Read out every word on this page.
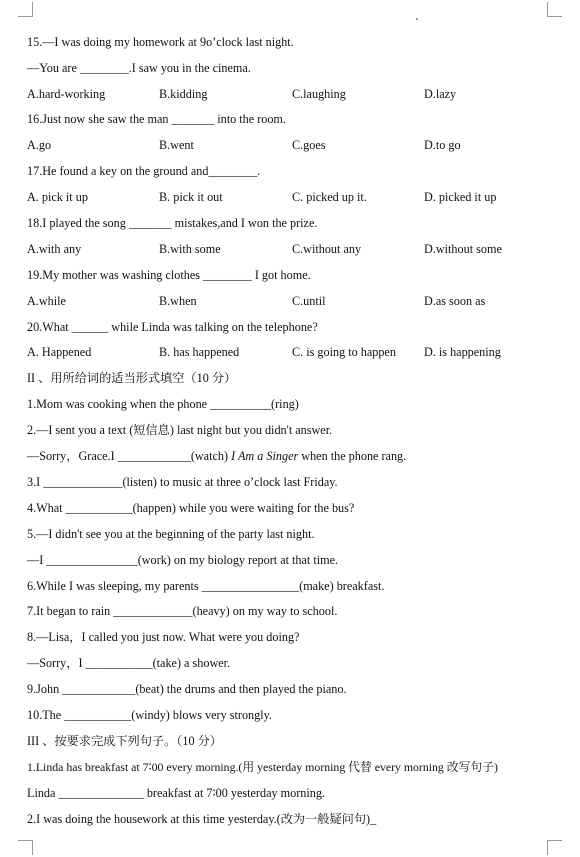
15.—I was doing my homework at 9o’clock last night.
—You are ________.I saw you in the cinema.
A.hard-working	B.kidding	C.laughing	D.lazy
16.Just now she saw the man _______ into the room.
A.go	B.went	C.goes	D.to go
17.He found a key on the ground and________.
A. pick it up	B. pick it out	C. picked up it.	D. picked it up
18.I played the song _______ mistakes,and I won the prize.
A.with any	B.with some	C.without any	D.without some
19.My mother was washing clothes ________ I got home.
A.while	B.when	C.until	D.as soon as
20.What ______ while Linda was talking on the telephone?
A. Happened	B. has happened	C. is going to happen D. is happening
II 、用所给词的适当形式填空（10 分）
1.Mom was cooking when the phone __________(ring)
2.—I sent you a text (短信息) last night but you didn't answer.
—Sorry，Grace.I ____________(watch) I Am a Singer when the phone rang.
3.I _____________(listen) to music at three o’clock last Friday.
4.What ___________(happen) while you were waiting for the bus?
5.—I didn't see you at the beginning of the party last night.
—I _______________(work) on my biology report at that time.
6.While I was sleeping, my parents ________________(make) breakfast.
7.It began to rain _____________(heavy) on my way to school.
8.—Lisa，I called you just now. What were you doing?
—Sorry，I ___________(take) a shower.
9.John ____________(beat) the drums and then played the piano.
10.The ___________(windy) blows very strongly.
III 、按要求完成下列句子。（10 分）
1.Linda has breakfast at 7∶00 every morning.(用 yesterday morning 代替 every morning 改写句子)
Linda ______________ breakfast at 7∶00 yesterday morning.
2.I was doing the housework at this time yesterday.(改为一般疑问句)_
